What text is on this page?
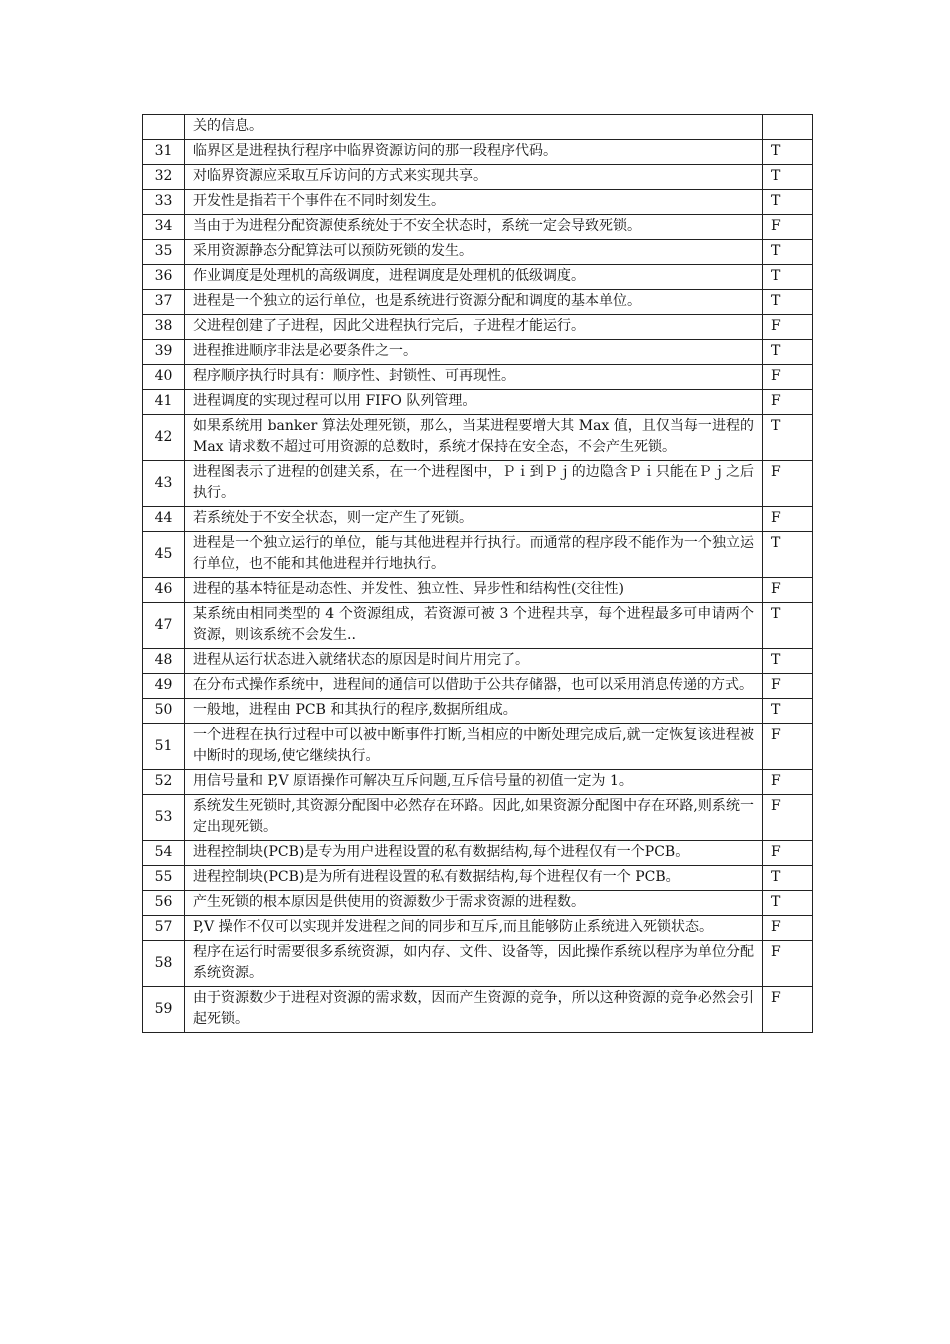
	关的信息。	
31	临界区是进程执行程序中临界资源访问的那一段程序代码。	T
32	对临界资源应采取互斥访问的方式来实现共享。	T
33	开发性是指若干个事件在不同时刻发生。	T
34	当由于为进程分配资源使系统处于不安全状态时，系统一定会导致死锁。	F
35	采用资源静态分配算法可以预防死锁的发生。	T
36	作业调度是处理机的高级调度，进程调度是处理机的低级调度。	T
37	进程是一个独立的运行单位，也是系统进行资源分配和调度的基本单位。	T
38	父进程创建了子进程，因此父进程执行完后，子进程才能运行。	F
39	进程推进顺序非法是必要条件之一。	T
40	程序顺序执行时具有：顺序性、封锁性、可再现性。	F
41	进程调度的实现过程可以用 FIFO 队列管理。	F
42	如果系统用 banker 算法处理死锁，那么，当某进程要增大其 Max 值，且仅当每一进程的 Max 请求数不超过可用资源的总数时，系统才保持在安全态，不会产生死锁。	T
43	进程图表示了进程的创建关系，在一个进程图中，Ｐｉ到Ｐｊ的边隐含Ｐｉ只能在Ｐｊ之后执行。	F
44	若系统处于不安全状态，则一定产生了死锁。	F
45	进程是一个独立运行的单位，能与其他进程并行执行。而通常的程序段不能作为一个独立运行单位，也不能和其他进程并行地执行。	T
46	进程的基本特征是动态性、并发性、独立性、异步性和结构性(交往性)	F
47	某系统由相同类型的 4 个资源组成，若资源可被 3 个进程共享，每个进程最多可申请两个资源，则该系统不会发生..	T
48	进程从运行状态进入就绪状态的原因是时间片用完了。	T
49	在分布式操作系统中，进程间的通信可以借助于公共存储器，也可以采用消息传递的方式。	F
50	一般地，进程由 PCB 和其执行的程序,数据所组成。	T
51	一个进程在执行过程中可以被中断事件打断,当相应的中断处理完成后,就一定恢复该进程被中断时的现场,使它继续执行。	F
52	用信号量和 P,V 原语操作可解决互斥问题,互斥信号量的初值一定为 1。	F
53	系统发生死锁时,其资源分配图中必然存在环路。因此,如果资源分配图中存在环路,则系统一定出现死锁。	F
54	进程控制块(PCB)是专为用户进程设置的私有数据结构,每个进程仅有一个PCB。	F
55	进程控制块(PCB)是为所有进程设置的私有数据结构,每个进程仅有一个 PCB。	T
56	产生死锁的根本原因是供使用的资源数少于需求资源的进程数。	T
57	P,V 操作不仅可以实现并发进程之间的同步和互斥,而且能够防止系统进入死锁状态。	F
58	程序在运行时需要很多系统资源，如内存、文件、设备等，因此操作系统以程序为单位分配系统资源。	F
59	由于资源数少于进程对资源的需求数，因而产生资源的竞争，所以这种资源的竞争必然会引起死锁。	F
